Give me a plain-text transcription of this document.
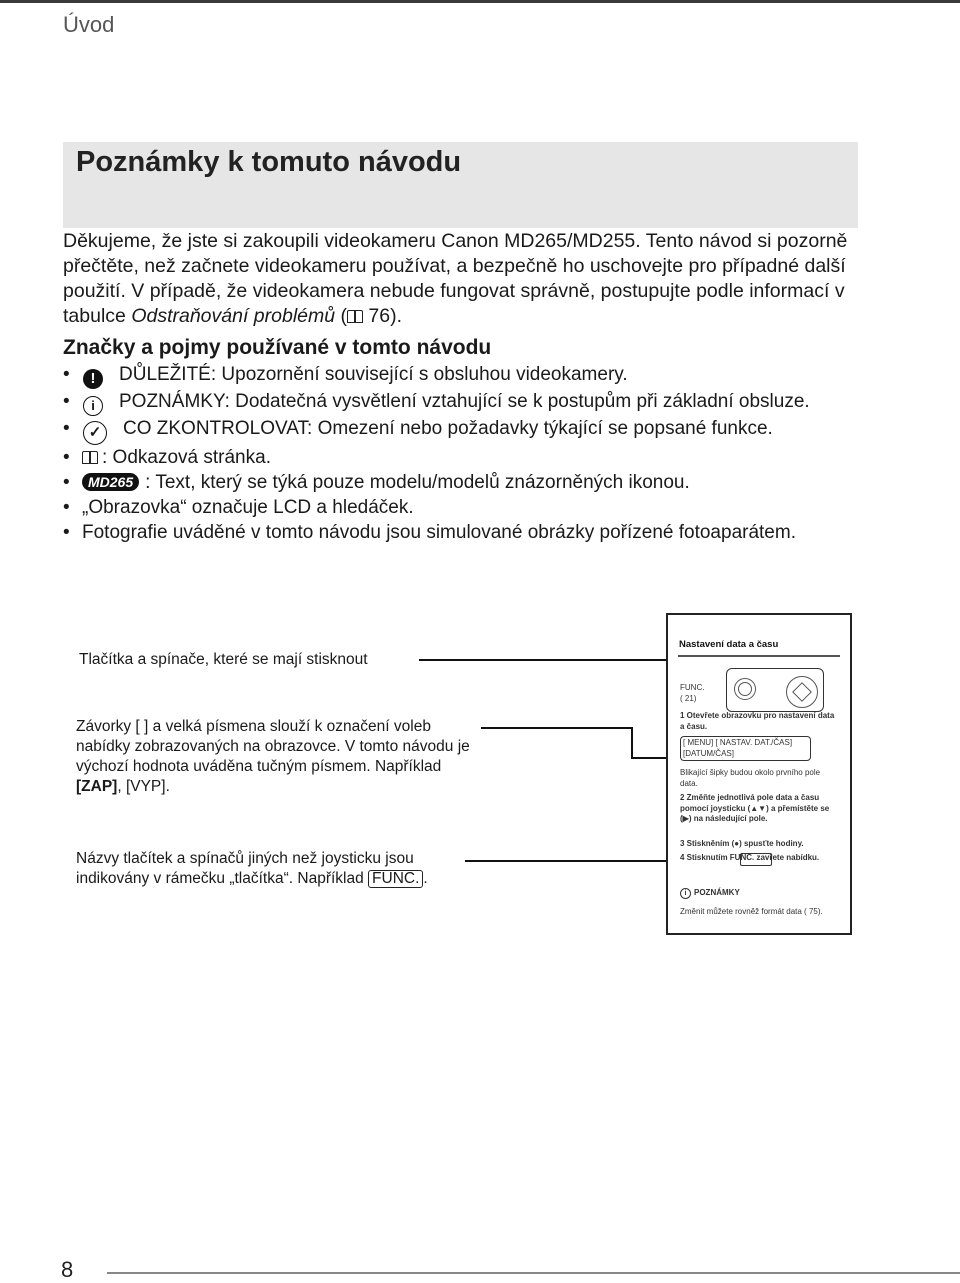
Úvod
Poznámky k tomuto návodu
Děkujeme, že jste si zakoupili videokameru Canon MD265/MD255. Tento návod si pozorně přečtěte, než začnete videokameru používat, a bezpečně ho uschovejte pro případné další použití. V případě, že videokamera nebude fungovat správně, postupujte podle informací v tabulce Odstraňování problémů ( 76).
Značky a pojmy používané v tomto návodu
• ! DŮLEŽITÉ: Upozornění související s obsluhou videokamery.
• i POZNÁMKY: Dodatečná vysvětlení vztahující se k postupům při základní obsluze.
• ✓ CO ZKONTROLOVAT: Omezení nebo požadavky týkající se popsané funkce.
• : Odkazová stránka.
• MD265 : Text, který se týká pouze modelu/modelů znázorněných ikonou.
• „Obrazovka“ označuje LCD a hledáček.
• Fotografie uváděné v tomto návodu jsou simulované obrázky pořízené fotoaparátem.
Tlačítka a spínače, které se mají stisknout
Závorky [ ] a velká písmena slouží k označení voleb nabídky zobrazovaných na obrazovce. V tomto návodu je výchozí hodnota uváděna tučným písmem. Například [ZAP], [VYP].
Názvy tlačítek a spínačů jiných než joysticku jsou indikovány v rámečku „tlačítka“. Například FUNC. .
Nastavení data a času
FUNC.
( 21)
1 Otevřete obrazovku pro nastavení data a času.
[ MENU] [ NASTAV. DAT./ČAS] [DATUM/ČAS]
Blikající šipky budou okolo prvního pole data.
2 Změňte jednotlivá pole data a času pomocí joysticku (▲▼) a přemístěte se (▶) na následující pole.
3 Stiskněním (●) spusťte hodiny.
4 Stisknutím FUNC. zavřete nabídku.
i POZNÁMKY
Změnit můžete rovněž formát data ( 75).
8
